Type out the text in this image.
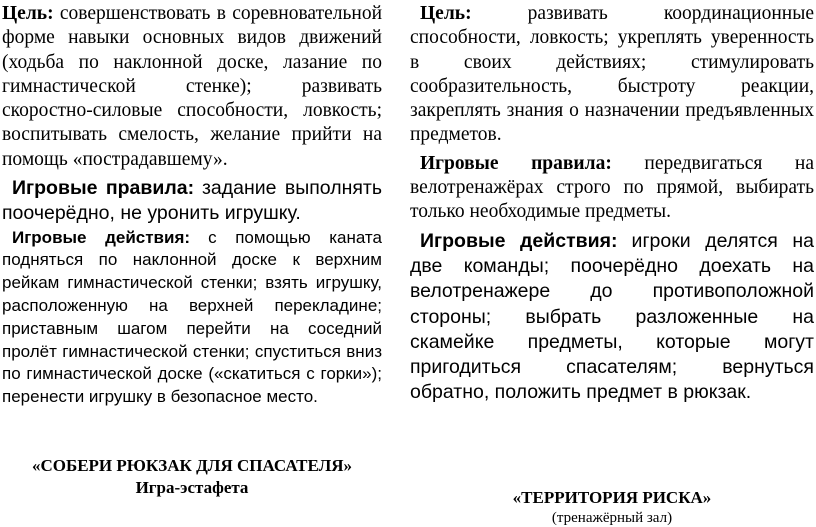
Цель: совершенствовать в соревновательной форме навыки основных видов движений (ходьба по наклонной доске, лазание по гимнастической стенке); развивать скоростно-силовые способности, ловкость; воспитывать смелость, желание прийти на помощь «пострадавшему».

Игровые правила: задание выполнять поочерёдно, не уронить игрушку.

Игровые действия: с помощью каната подняться по наклонной доске к верхним рейкам гимнастической стенки; взять игрушку, расположенную на верхней перекладине; приставным шагом перейти на соседний пролёт гимнастической стенки; спуститься вниз по гимнастической доске («скатиться с горки»); перенести игрушку в безопасное место.

«СОБЕРИ РЮКЗАК ДЛЯ СПАСАТЕЛЯ»
Игра-эстафета

Цель:	развивать координационные способности, ловкость; укреплять уверенность в своих действиях; стимулировать сообразительность, быстроту реакции, закреплять знания о назначении предъявленных предметов.

Игровые правила: передвигаться на велотренажёрах строго по прямой, выбирать только необходимые предметы.

Игровые действия: игроки делятся на две команды; поочерёдно доехать на велотренажере до противоположной стороны; выбрать разложенные на скамейке предметы, которые могут пригодиться спасателям; вернуться обратно, положить предмет в рюкзак.

«ТЕРРИТОРИЯ РИСКА»
(тренажёрный зал)
